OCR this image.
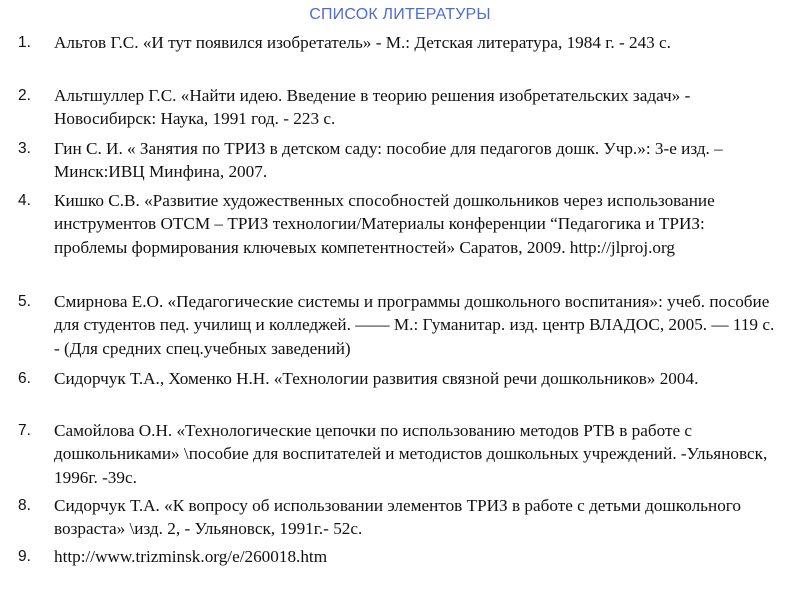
СПИСОК ЛИТЕРАТУРЫ
1.	Альтов Г.С. «И тут появился изобретатель» - М.: Детская литература, 1984 г. - 243 с.
2.	Альтшуллер Г.С. «Найти идею. Введение в теорию решения изобретательских задач» - Новосибирск: Наука, 1991 год. - 223 с.
3.	Гин С. И. « Занятия по ТРИЗ в детском саду: пособие для педагогов дошк. Учр.»: 3-е изд. – Минск:ИВЦ Минфина, 2007.
4.	Кишко С.В. «Развитие художественных способностей дошкольников через использование инструментов ОТСМ – ТРИЗ технологии/Материалы конференции “Педагогика и ТРИЗ: проблемы формирования ключевых компетентностей» Саратов, 2009. http://jlproj.org
5.	Смирнова Е.О. «Педагогические системы и программы дошкольного воспитания»: учеб. пособие для студентов пед. училищ и колледжей. —— М.: Гуманитар. изд. центр ВЛАДОС, 2005. — 119 с. - (Для средних спец.учебных заведений)
6.	Сидорчук Т.А., Хоменко Н.Н. «Технологии развития связной речи дошкольников» 2004.
7.	Самойлова О.Н. «Технологические цепочки по использованию методов РТВ в работе с дошкольниками» \пособие для воспитателей и методистов дошкольных учреждений. -Ульяновск, 1996г. -39с.
8.	Сидорчук Т.А. «К вопросу об использовании элементов ТРИЗ в работе с детьми дошкольного возраста» \изд. 2, - Ульяновск, 1991г.- 52с.
9.	http://www.trizminsk.org/e/260018.htm
